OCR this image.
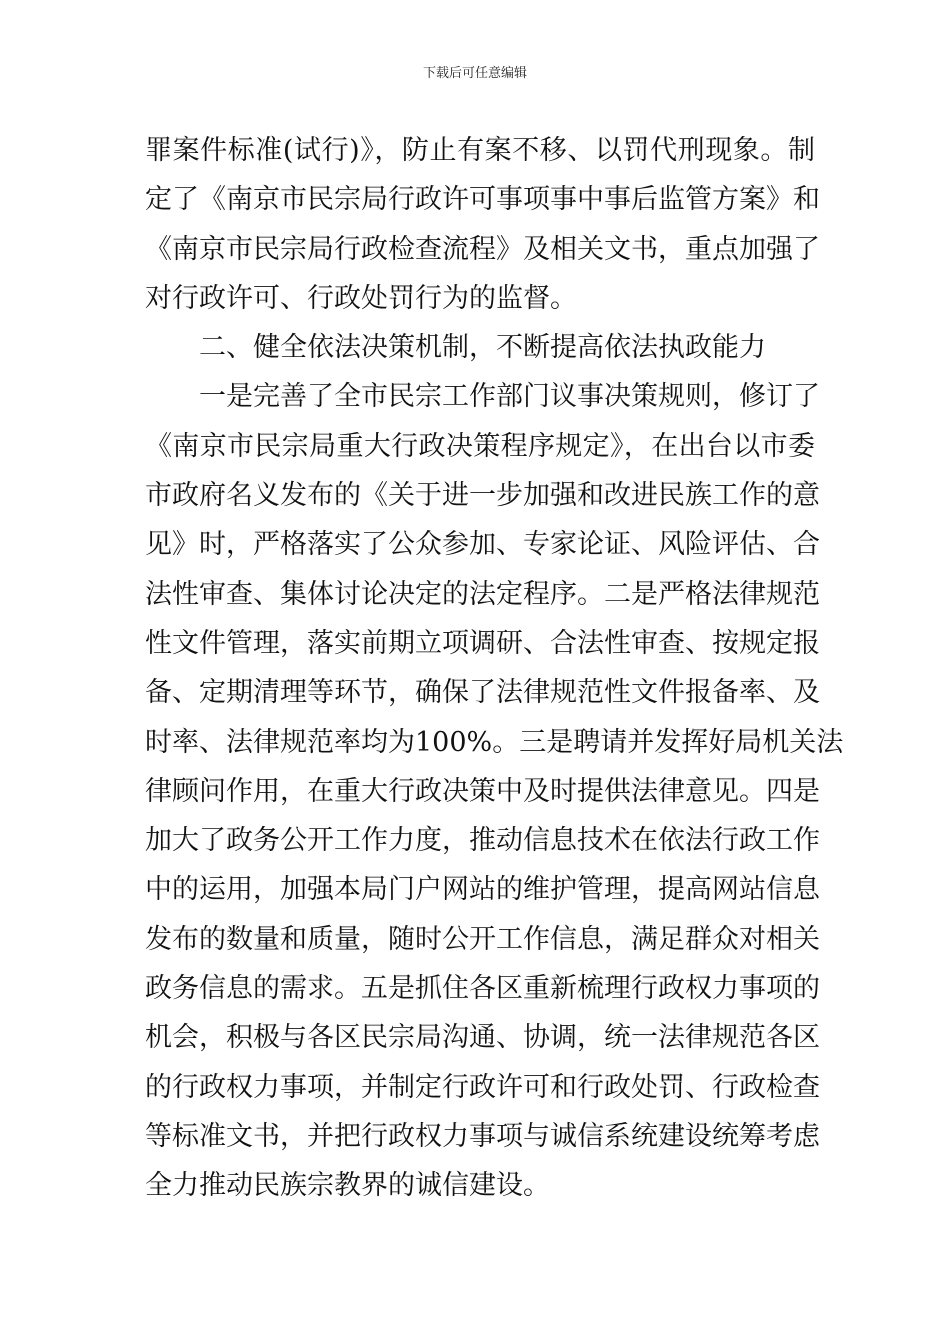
下载后可任意编辑
罪案件标准(试行)》，防止有案不移、以罚代刑现象。制
定了《南京市民宗局行政许可事项事中事后监管方案》和
《南京市民宗局行政检查流程》及相关文书，重点加强了
对行政许可、行政处罚行为的监督。
二、健全依法决策机制，不断提高依法执政能力
一是完善了全市民宗工作部门议事决策规则，修订了
《南京市民宗局重大行政决策程序规定》，在出台以市委
市政府名义发布的《关于进一步加强和改进民族工作的意
见》时，严格落实了公众参加、专家论证、风险评估、合
法性审查、集体讨论决定的法定程序。二是严格法律规范
性文件管理，落实前期立项调研、合法性审查、按规定报
备、定期清理等环节，确保了法律规范性文件报备率、及
时率、法律规范率均为100%。三是聘请并发挥好局机关法
律顾问作用，在重大行政决策中及时提供法律意见。四是
加大了政务公开工作力度，推动信息技术在依法行政工作
中的运用，加强本局门户网站的维护管理，提高网站信息
发布的数量和质量，随时公开工作信息，满足群众对相关
政务信息的需求。五是抓住各区重新梳理行政权力事项的
机会，积极与各区民宗局沟通、协调，统一法律规范各区
的行政权力事项，并制定行政许可和行政处罚、行政检查
等标准文书，并把行政权力事项与诚信系统建设统筹考虑
全力推动民族宗教界的诚信建设。
